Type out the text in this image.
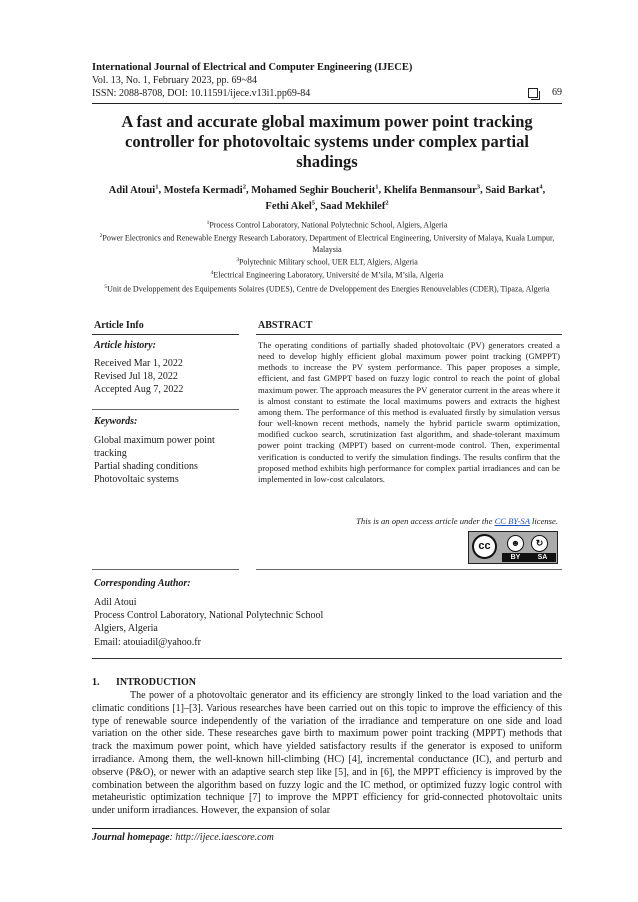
International Journal of Electrical and Computer Engineering (IJECE)
Vol. 13, No. 1, February 2023, pp. 69~84
ISSN: 2088-8708, DOI: 10.11591/ijece.v13i1.pp69-84	69
A fast and accurate global maximum power point tracking
controller for photovoltaic systems under complex partial
shadings
Adil Atoui$^1$, Mostefa Kermadi$^2$, Mohamed Seghir Boucherit$^1$, Khelifa Benmansour$^3$, Said Barkat$^4$,
Fethi Akel$^5$, Saad Mekhilef$^2$
$^1$Process Control Laboratory, National Polytechnic School, Algiers, Algeria
$^2$Power Electronics and Renewable Energy Research Laboratory, Department of Electrical Engineering, University of Malaya, Kuala Lumpur, Malaysia
$^3$Polytechnic Military school, UER ELT, Algiers, Algeria
$^4$Electrical Engineering Laboratory, Université de M’sila, M’sila, Algeria
$^5$Unit de Dveloppement des Equipements Solaires (UDES), Centre de Dveloppement des Energies Renouvelables (CDER), Tipaza, Algeria
Article Info
Article history:
Received Mar 1, 2022
Revised Jul 18, 2022
Accepted Aug 7, 2022
Keywords:
Global maximum power point tracking
Partial shading conditions
Photovoltaic systems
ABSTRACT
The operating conditions of partially shaded photovoltaic (PV) generators created a need to develop highly efficient global maximum power point tracking (GMPPT) methods to increase the PV system performance. This paper proposes a simple, efficient, and fast GMPPT based on fuzzy logic control to reach the point of global maximum power. The approach measures the PV generator current in the areas where it is almost constant to estimate the local maximums powers and extracts the highest among them. The performance of this method is evaluated firstly by simulation versus four well-known recent methods, namely the hybrid particle swarm optimization, modified cuckoo search, scrutinization fast algorithm, and shade-tolerant maximum power point tracking (MPPT) based on current-mode control. Then, experimental verification is conducted to verify the simulation findings. The results confirm that the proposed method exhibits high performance for complex partial irradiances and can be implemented in low-cost calculators.
This is an open access article under the CC BY-SA license.
cc	☻	↻
BY SA
Corresponding Author:
Adil Atoui
Process Control Laboratory, National Polytechnic School
Algiers, Algeria
Email: atouiadil@yahoo.fr
1. INTRODUCTION

The power of a photovoltaic generator and its efficiency are strongly linked to the load variation and the climatic conditions [1]–[3]. Various researches have been carried out on this topic to improve the efficiency of this type of renewable source independently of the variation of the irradiance and temperature on one side and load variation on the other side. These researches gave birth to maximum power point tracking (MPPT) methods that track the maximum power point, which have yielded satisfactory results if the generator is exposed to uniform irradiance. Among them, the well-known hill-climbing (HC) [4], incremental conductance (IC), and perturb and observe (P&O), or newer with an adaptive search step like [5], and in [6], the MPPT efficiency is improved by the combination between the algorithm based on fuzzy logic and the IC method, or optimized fuzzy logic control with metaheuristic optimization technique [7] to improve the MPPT efficiency for grid-connected photovoltaic units under uniform irradiances. However, the expansion of solar

Journal homepage: http://ijece.iaescore.com
